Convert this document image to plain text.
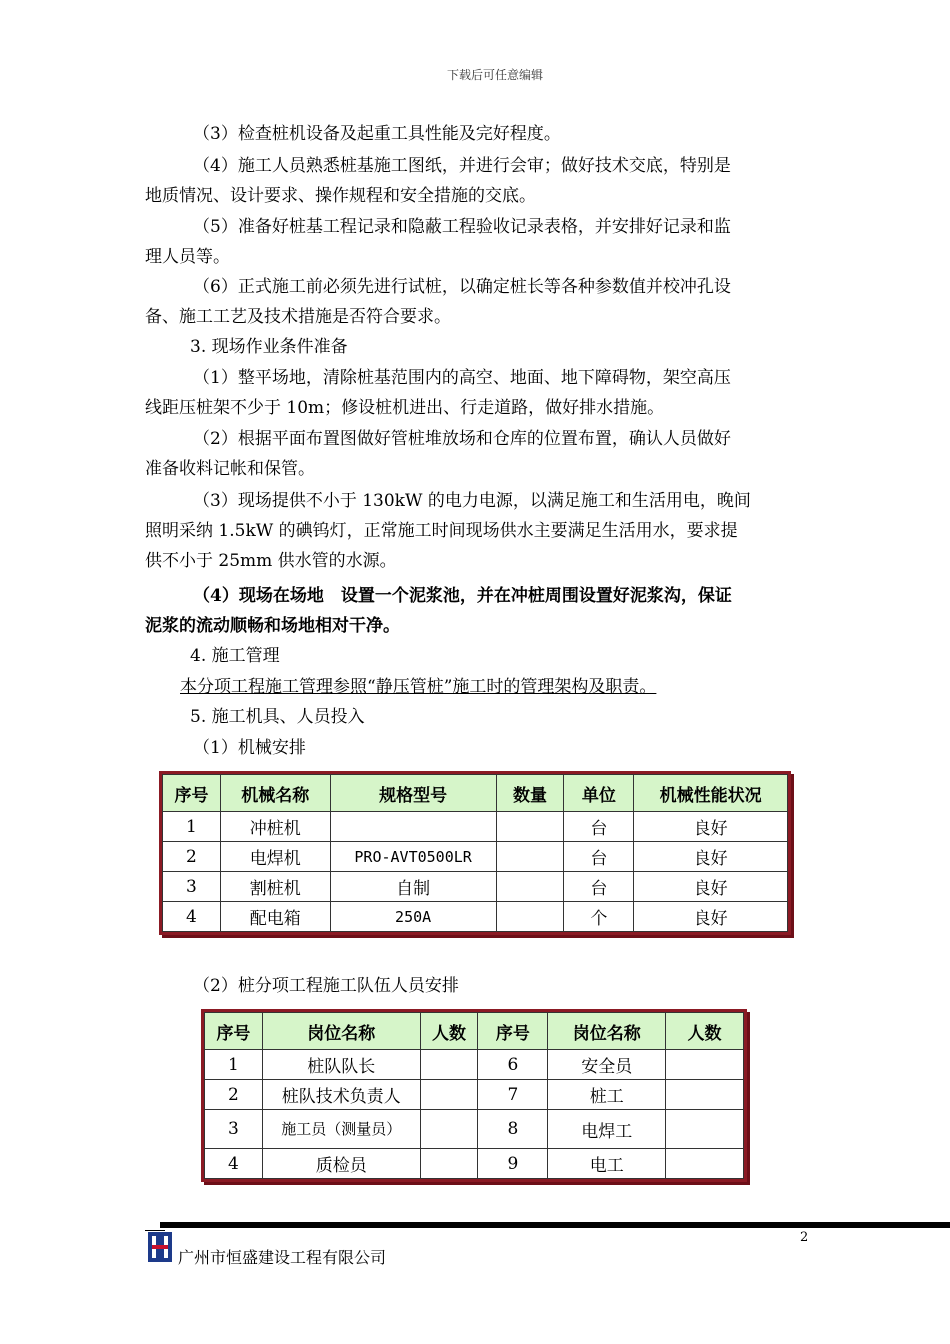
下载后可任意编辑
（3）检查桩机设备及起重工具性能及完好程度。
（4）施工人员熟悉桩基施工图纸，并进行会审；做好技术交底，特别是
地质情况、设计要求、操作规程和安全措施的交底。
（5）准备好桩基工程记录和隐蔽工程验收记录表格，并安排好记录和监
理人员等。
（6）正式施工前必须先进行试桩，以确定桩长等各种参数值并校冲孔设
备、施工工艺及技术措施是否符合要求。
3. 现场作业条件准备
（1）整平场地，清除桩基范围内的高空、地面、地下障碍物，架空高压
线距压桩架不少于 10m；修设桩机进出、行走道路，做好排水措施。
（2）根据平面布置图做好管桩堆放场和仓库的位置布置，确认人员做好
准备收料记帐和保管。
（3）现场提供不小于 130kW 的电力电源，以满足施工和生活用电，晚间
照明采纳 1.5kW 的碘钨灯，正常施工时间现场供水主要满足生活用水，要求提
供不小于 25mm 供水管的水源。
（4）现场在场地　设置一个泥浆池，并在冲桩周围设置好泥浆沟，保证
泥浆的流动顺畅和场地相对干净。
4. 施工管理
本分项工程施工管理参照“静压管桩”施工时的管理架构及职责。
5. 施工机具、人员投入
（1）机械安排
序号	机械名称	规格型号	数量	单位	机械性能状况
1	冲桩机			台	良好
2	电焊机	PRO-AVT0500LR		台	良好
3	割桩机	自制		台	良好
4	配电箱	250A		个	良好
（2）桩分项工程施工队伍人员安排
序号	岗位名称	人数	序号	岗位名称	人数
1	桩队队长		6	安全员	
2	桩队技术负责人		7	桩工	
3	施工员（测量员）		8	电焊工	
4	质检员		9	电工	
2
广州市恒盛建设工程有限公司
